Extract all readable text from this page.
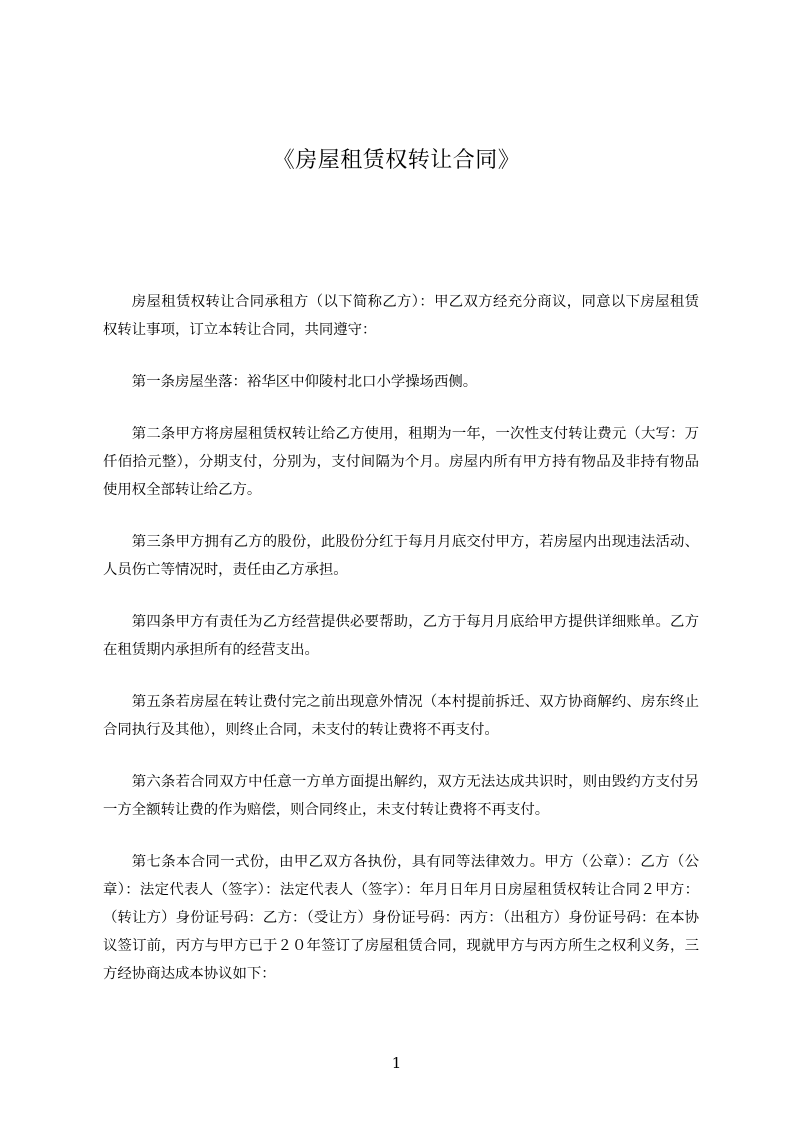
《房屋租赁权转让合同》

房屋租赁权转让合同承租方（以下简称乙方）：甲乙双方经充分商议，同意以下房屋租赁权转让事项，订立本转让合同，共同遵守：

第一条房屋坐落：裕华区中仰陵村北口小学操场西侧。

第二条甲方将房屋租赁权转让给乙方使用，租期为一年，一次性支付转让费元（大写：万仟佰拾元整），分期支付，分别为，支付间隔为个月。房屋内所有甲方持有物品及非持有物品使用权全部转让给乙方。

第三条甲方拥有乙方的股份，此股份分红于每月月底交付甲方，若房屋内出现违法活动、人员伤亡等情况时，责任由乙方承担。

第四条甲方有责任为乙方经营提供必要帮助，乙方于每月月底给甲方提供详细账单。乙方在租赁期内承担所有的经营支出。

第五条若房屋在转让费付完之前出现意外情况（本村提前拆迁、双方协商解约、房东终止合同执行及其他），则终止合同，未支付的转让费将不再支付。

第六条若合同双方中任意一方单方面提出解约，双方无法达成共识时，则由毁约方支付另一方全额转让费的作为赔偿，则合同终止，未支付转让费将不再支付。

第七条本合同一式份，由甲乙双方各执份，具有同等法律效力。甲方（公章）：乙方（公章）：法定代表人（签字）：法定代表人（签字）：年月日年月日房屋租赁权转让合同２甲方：（转让方）身份证号码：乙方：（受让方）身份证号码：丙方：（出租方）身份证号码：在本协议签订前，丙方与甲方已于２０年签订了房屋租赁合同，现就甲方与丙方所生之权利义务，三方经协商达成本协议如下：

1
